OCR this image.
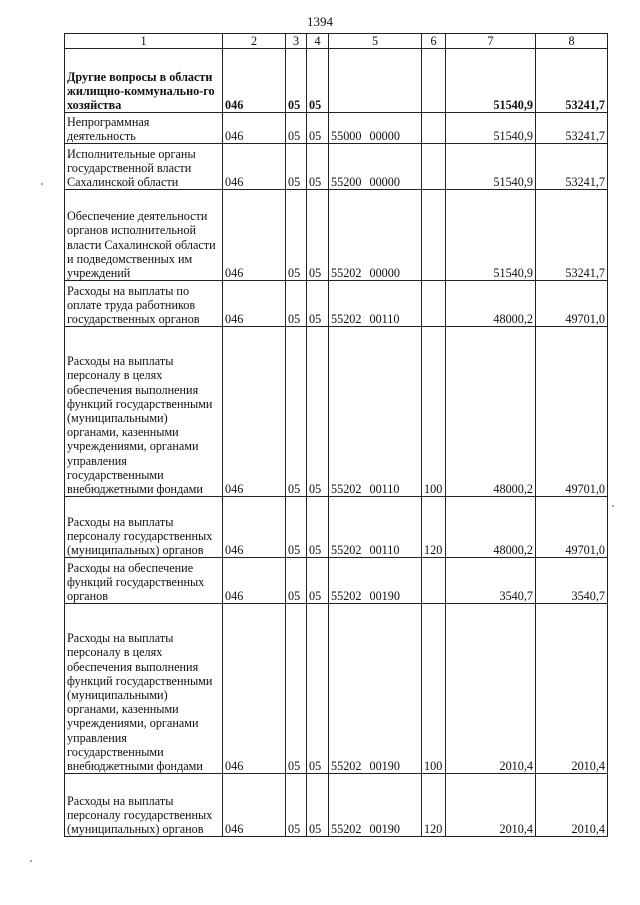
1394
1	2	3	4	5	6	7	8
Другие вопросы в области жилищно-коммунально-го хозяйства	046	05	05			51540,9	53241,7
Непрограммная деятельность	046	05	05	55000 00000		51540,9	53241,7
Исполнительные органы государственной власти Сахалинской области	046	05	05	55200 00000		51540,9	53241,7
Обеспечение деятельности органов исполнительной власти Сахалинской области и подведомственных им учреждений	046	05	05	55202 00000		51540,9	53241,7
Расходы на выплаты по оплате труда работников государственных органов	046	05	05	55202 00110		48000,2	49701,0
Расходы на выплаты персоналу в целях обеспечения выполнения функций государственными (муниципальными) органами, казенными учреждениями, органами управления государственными внебюджетными фондами	046	05	05	55202 00110	100	48000,2	49701,0
Расходы на выплаты персоналу государственных (муниципальных) органов	046	05	05	55202 00110	120	48000,2	49701,0
Расходы на обеспечение функций государственных органов	046	05	05	55202 00190		3540,7	3540,7
Расходы на выплаты персоналу в целях обеспечения выполнения функций государственными (муниципальными) органами, казенными учреждениями, органами управления государственными внебюджетными фондами	046	05	05	55202 00190	100	2010,4	2010,4
Расходы на выплаты персоналу государственных (муниципальных) органов	046	05	05	55202 00190	120	2010,4	2010,4
